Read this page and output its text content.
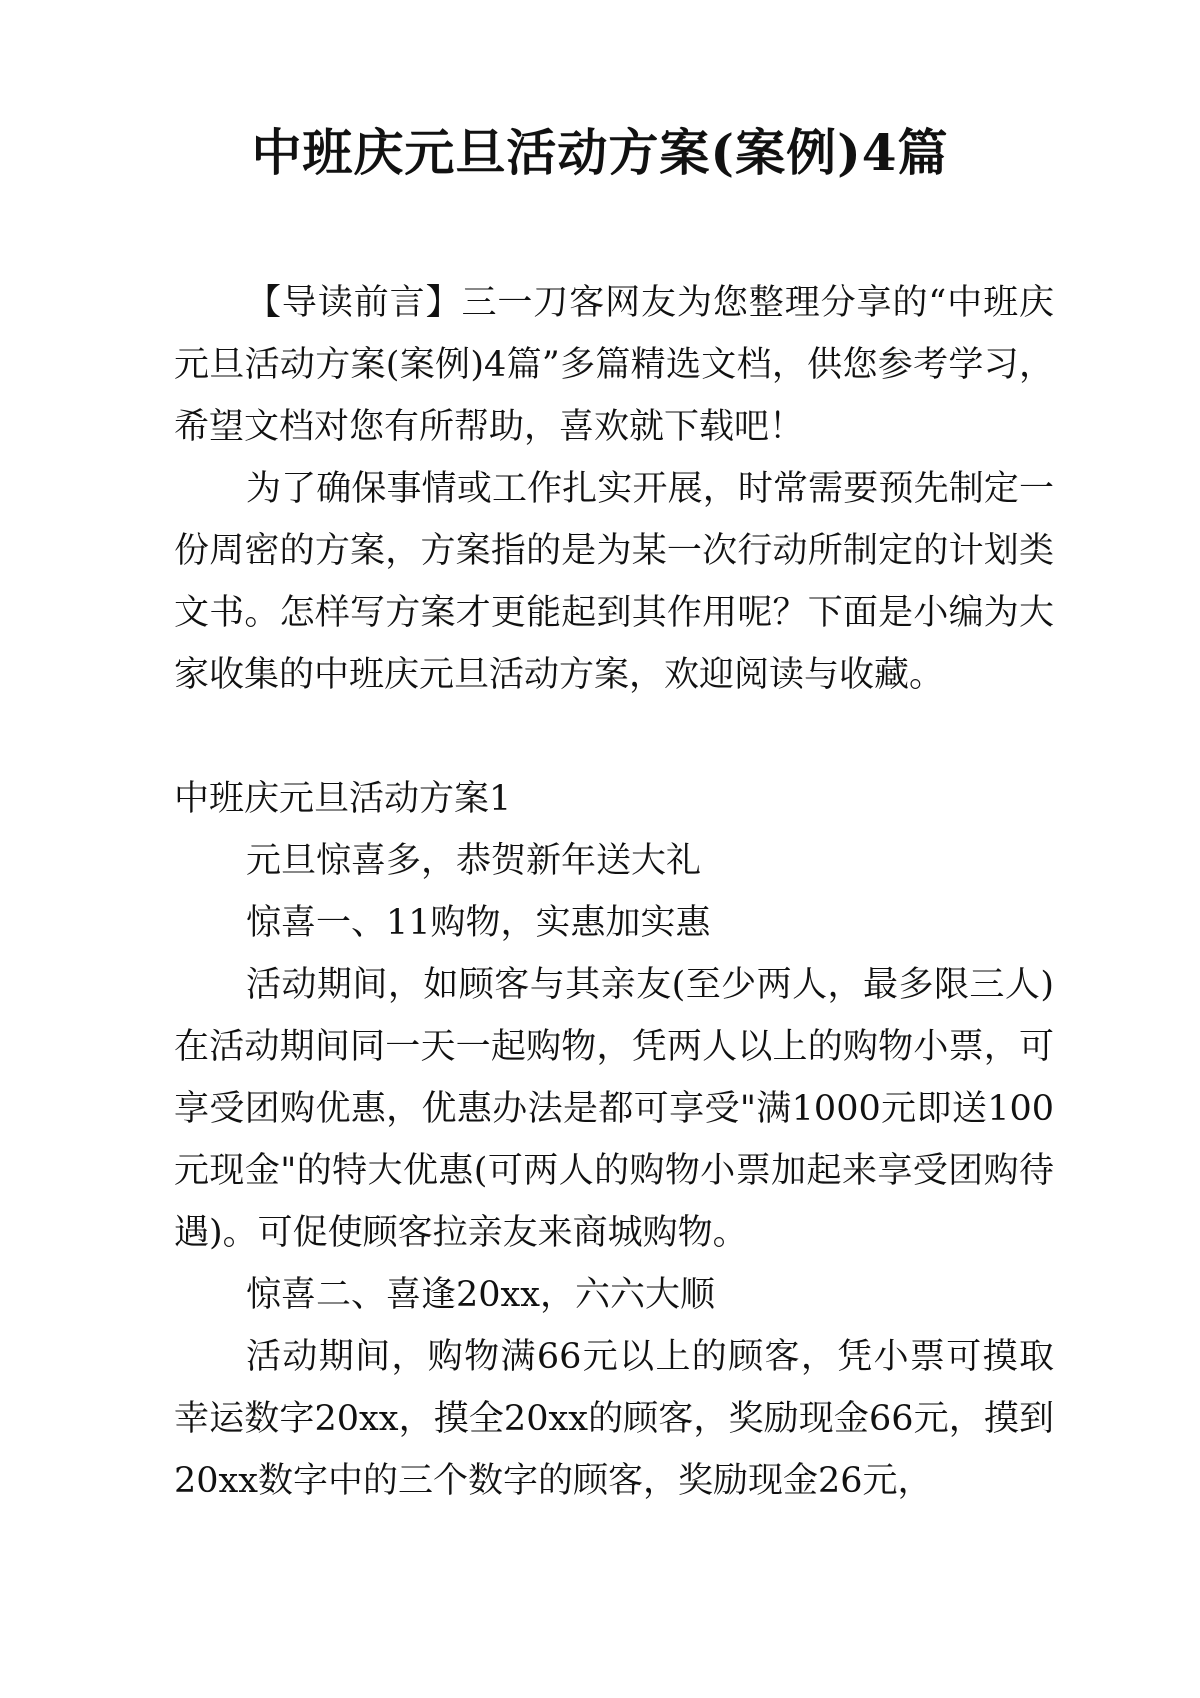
中班庆元旦活动方案(案例)4篇

【导读前言】三一刀客网友为您整理分享的“中班庆元旦活动方案(案例)4篇”多篇精选文档，供您参考学习，希望文档对您有所帮助，喜欢就下载吧！

为了确保事情或工作扎实开展，时常需要预先制定一份周密的方案，方案指的是为某一次行动所制定的计划类文书。怎样写方案才更能起到其作用呢？下面是小编为大家收集的中班庆元旦活动方案，欢迎阅读与收藏。

中班庆元旦活动方案1

元旦惊喜多，恭贺新年送大礼

惊喜一、11购物，实惠加实惠

活动期间，如顾客与其亲友(至少两人，最多限三人)在活动期间同一天一起购物，凭两人以上的购物小票，可享受团购优惠，优惠办法是都可享受"满1000元即送100元现金"的特大优惠(可两人的购物小票加起来享受团购待遇)。可促使顾客拉亲友来商城购物。

惊喜二、喜逢20xx，六六大顺

活动期间，购物满66元以上的顾客，凭小票可摸取幸运数字20xx，摸全20xx的顾客，奖励现金66元，摸到20xx数字中的三个数字的顾客，奖励现金26元，
